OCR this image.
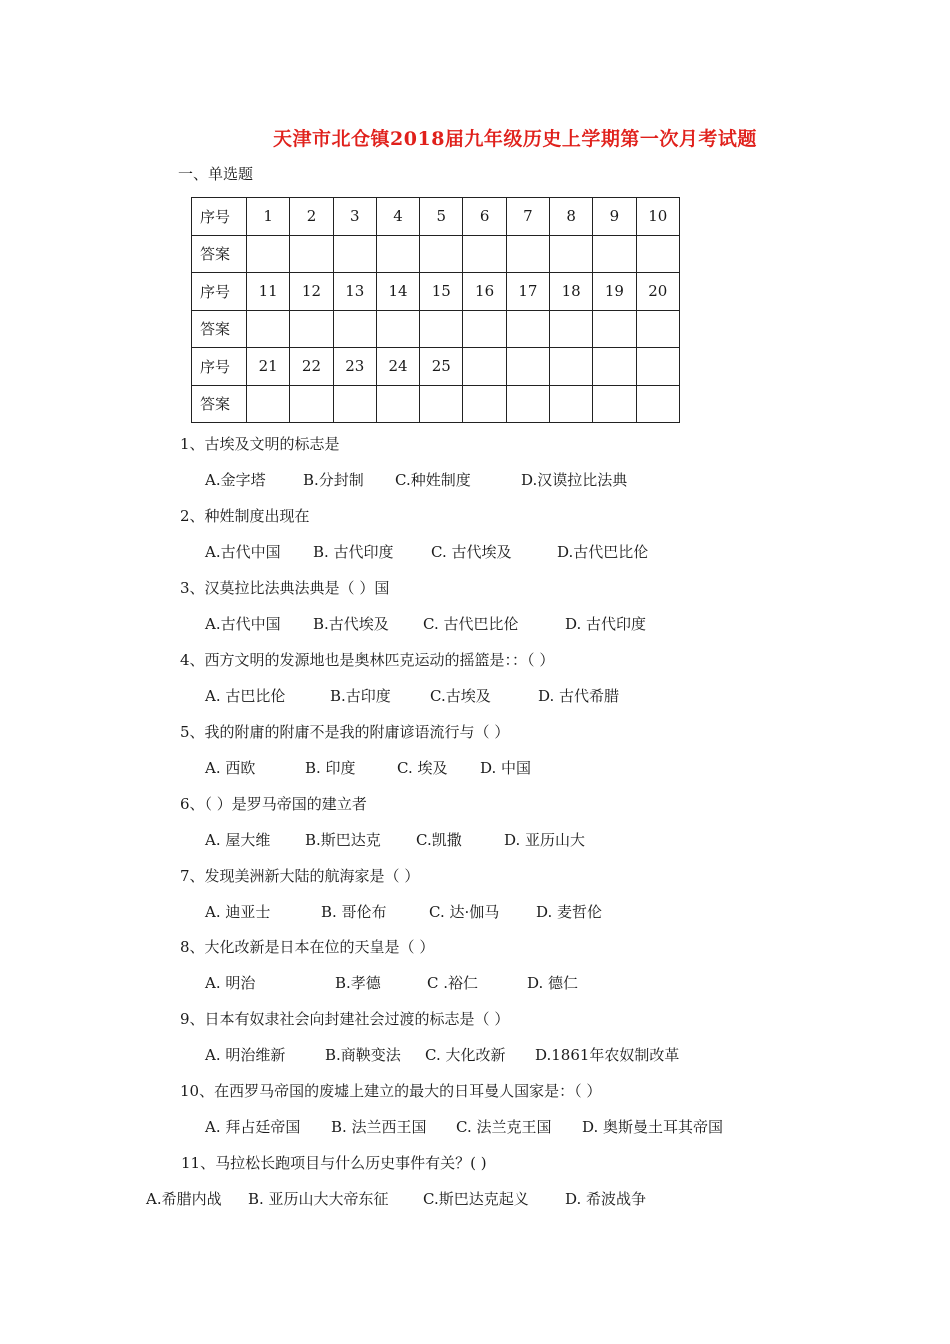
天津市北仓镇2018届九年级历史上学期第一次月考试题
一、单选题
序号	1	2	3	4	5	6	7	8	9	10
答案										
序号	11	12	13	14	15	16	17	18	19	20
答案										
序号	21	22	23	24	25					
答案										
1、古埃及文明的标志是
A.金字塔 B.分封制 C.种姓制度	D.汉谟拉比法典
2、种姓制度出现在
A.古代中国 B. 古代印度 C. 古代埃及	D.古代巴比伦
3、汉莫拉比法典法典是（ ）国
A.古代中国 B.古代埃及 C. 古代巴比伦	D. 古代印度
4、西方文明的发源地也是奥林匹克运动的摇篮是：：（ ）
A. 古巴比伦	B.古印度	C.古埃及	D. 古代希腊
5、我的附庸的附庸不是我的附庸谚语流行与（ ）
A. 西欧	B. 印度	C. 埃及 D. 中国
6、（ ）是罗马帝国的建立者
A. 屋大维 B.斯巴达克 C.凯撒	D. 亚历山大
7、发现美洲新大陆的航海家是（ ）
A. 迪亚士	B. 哥伦布	C. 达·伽马 D. 麦哲伦
8、大化改新是日本在位的天皇是（ ）
A. 明治	B.孝德	C .裕仁	D. 德仁
9、日本有奴隶社会向封建社会过渡的标志是（ ）
A. 明治维新	B.商鞅变法 C. 大化改新 D.1861年农奴制改革
10、在西罗马帝国的废墟上建立的最大的日耳曼人国家是：（ ）
A. 拜占廷帝国 B. 法兰西王国 C. 法兰克王国 D. 奥斯曼土耳其帝国
11、马拉松长跑项目与什么历史事件有关？( )
A.希腊内战 B. 亚历山大大帝东征 C.斯巴达克起义 D. 希波战争
